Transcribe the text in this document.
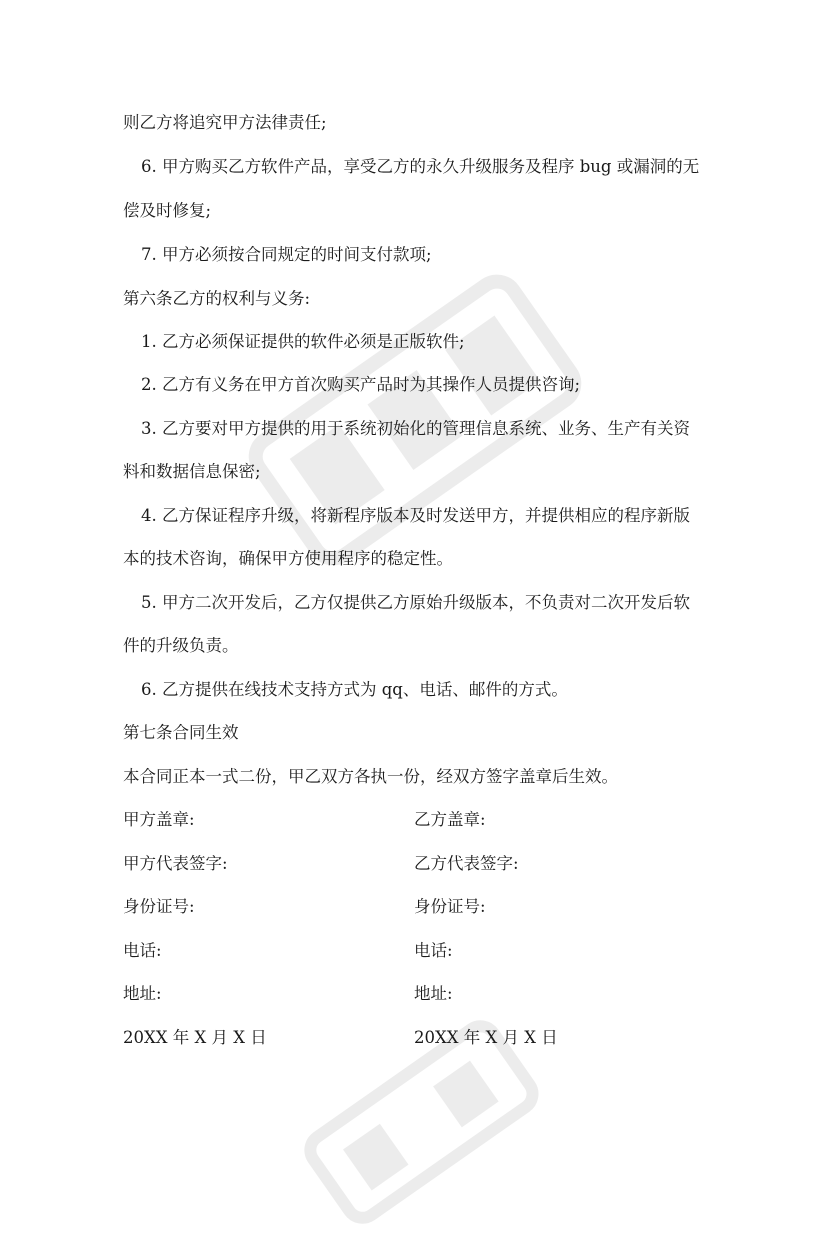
则乙方将追究甲方法律责任;
6. 甲方购买乙方软件产品，享受乙方的永久升级服务及程序 bug 或漏洞的无
偿及时修复;
7. 甲方必须按合同规定的时间支付款项;
第六条乙方的权利与义务:
1. 乙方必须保证提供的软件必须是正版软件;
2. 乙方有义务在甲方首次购买产品时为其操作人员提供咨询;
3. 乙方要对甲方提供的用于系统初始化的管理信息系统、业务、生产有关资
料和数据信息保密;
4. 乙方保证程序升级，将新程序版本及时发送甲方，并提供相应的程序新版
本的技术咨询，确保甲方使用程序的稳定性。
5. 甲方二次开发后，乙方仅提供乙方原始升级版本，不负责对二次开发后软
件的升级负责。
6. 乙方提供在线技术支持方式为 qq、电话、邮件的方式。
第七条合同生效
本合同正本一式二份，甲乙双方各执一份，经双方签字盖章后生效。
甲方盖章:	乙方盖章:
甲方代表签字:	乙方代表签字:
身份证号:	身份证号:
电话:	电话:
地址:	地址:
20XX 年 X 月 X 日	20XX 年 X 月 X 日
